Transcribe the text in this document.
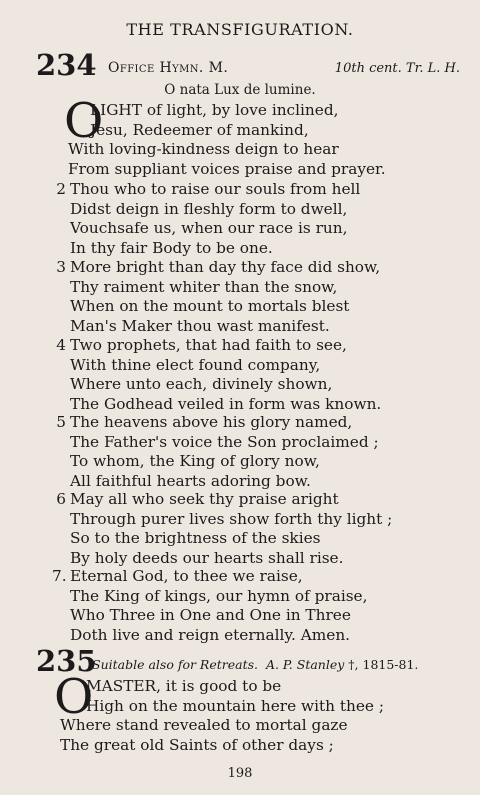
THE TRANSFIGURATION.
234 Office Hymn. M.	10th cent. Tr. L. H.
O nata Lux de lumine.
O
LIGHT of light, by love inclined,
Jesu, Redeemer of mankind,
With loving-kindness deign to hear
From suppliant voices praise and prayer.
2 Thou who to raise our souls from hell
Didst deign in fleshly form to dwell,
Vouchsafe us, when our race is run,
In thy fair Body to be one.
3 More bright than day thy face did show,
Thy raiment whiter than the snow,
When on the mount to mortals blest
Man's Maker thou wast manifest.
4 Two prophets, that had faith to see,
With thine elect found company,
Where unto each, divinely shown,
The Godhead veiled in form was known.
5 The heavens above his glory named,
The Father's voice the Son proclaimed ;
To whom, the King of glory now,
All faithful hearts adoring bow.
6 May all who seek thy praise aright
Through purer lives show forth thy light ;
So to the brightness of the skies
By holy deeds our hearts shall rise.
7. Eternal God, to thee we raise,
The King of kings, our hymn of praise,
Who Three in One and One in Three
Doth live and reign eternally. Amen.
235
Suitable also for Retreats. A. P. Stanley †, 1815-81.
O
MASTER, it is good to be
High on the mountain here with thee ;
Where stand revealed to mortal gaze
The great old Saints of other days ;
198
